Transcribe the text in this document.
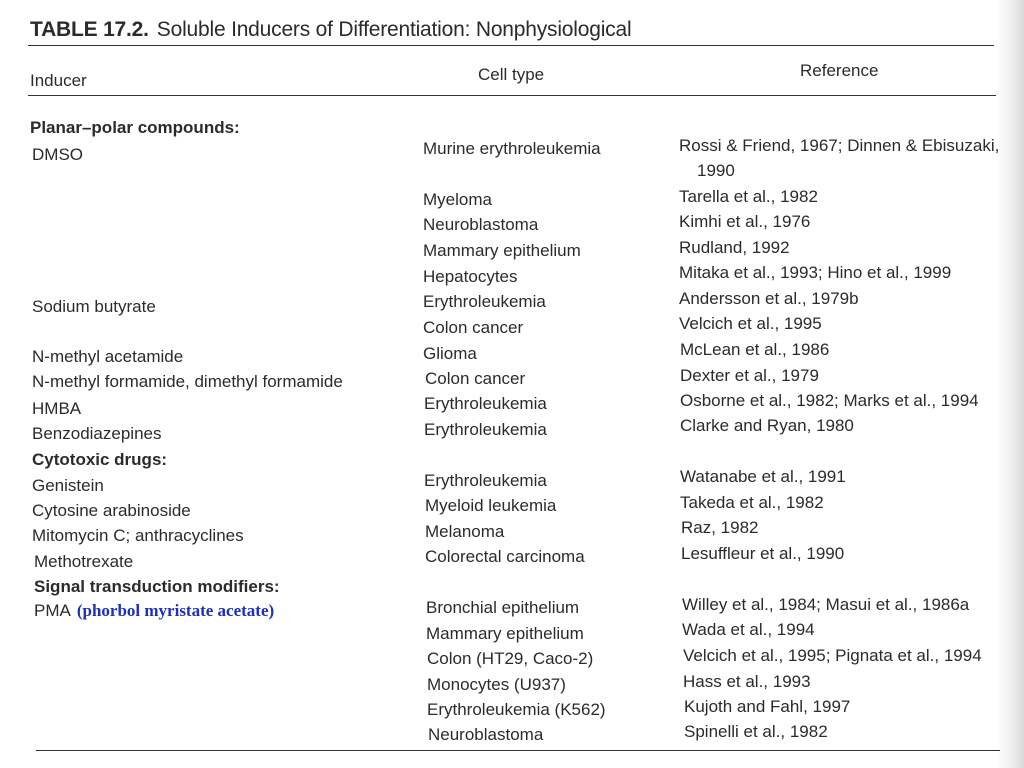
TABLE 17.2. Soluble Inducers of Differentiation: Nonphysiological
Inducer	Cell type	Reference
Planar–polar compounds:
DMSO
Sodium butyrate
N-methyl acetamide
N-methyl formamide, dimethyl formamide
HMBA
Benzodiazepines
Cytotoxic drugs:
Genistein
Cytosine arabinoside
Mitomycin C; anthracyclines
Methotrexate
Signal transduction modifiers:
PMA (phorbol myristate acetate)
Murine erythroleukemia
Myeloma
Neuroblastoma
Mammary epithelium
Hepatocytes
Erythroleukemia
Colon cancer
Glioma
Colon cancer
Erythroleukemia
Erythroleukemia
Erythroleukemia
Myeloid leukemia
Melanoma
Colorectal carcinoma
Bronchial epithelium
Mammary epithelium
Colon (HT29, Caco-2)
Monocytes (U937)
Erythroleukemia (K562)
Neuroblastoma
Rossi & Friend, 1967; Dinnen & Ebisuzaki,
1990
Tarella et al., 1982
Kimhi et al., 1976
Rudland, 1992
Mitaka et al., 1993; Hino et al., 1999
Andersson et al., 1979b
Velcich et al., 1995
McLean et al., 1986
Dexter et al., 1979
Osborne et al., 1982; Marks et al., 1994
Clarke and Ryan, 1980
Watanabe et al., 1991
Takeda et al., 1982
Raz, 1982
Lesuffleur et al., 1990
Willey et al., 1984; Masui et al., 1986a
Wada et al., 1994
Velcich et al., 1995; Pignata et al., 1994
Hass et al., 1993
Kujoth and Fahl, 1997
Spinelli et al., 1982
